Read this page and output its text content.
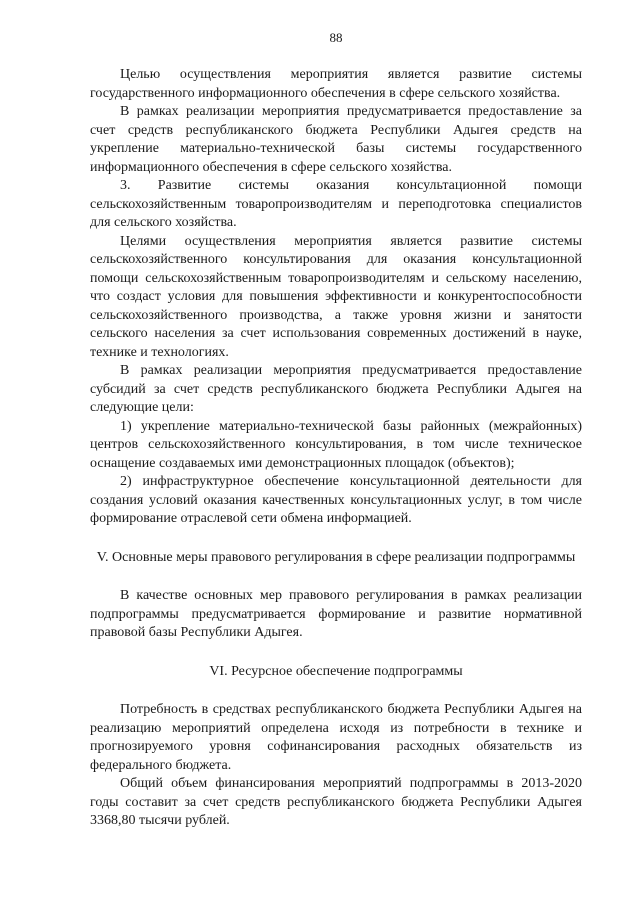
88

Целью осуществления мероприятия является развитие системы государственного информационного обеспечения в сфере сельского хозяйства.

В рамках реализации мероприятия предусматривается предоставление за счет средств республиканского бюджета Республики Адыгея средств на укрепление материально-технической базы системы государственного информационного обеспечения в сфере сельского хозяйства.

3. Развитие системы оказания консультационной помощи сельскохозяйственным товаропроизводителям и переподготовка специалистов для сельского хозяйства.

Целями осуществления мероприятия является развитие системы сельскохозяйственного консультирования для оказания консультационной помощи сельскохозяйственным товаропроизводителям и сельскому населению, что создаст условия для повышения эффективности и конкурентоспособности сельскохозяйственного производства, а также уровня жизни и занятости сельского населения за счет использования современных достижений в науке, технике и технологиях.

В рамках реализации мероприятия предусматривается предоставление субсидий за счет средств республиканского бюджета Республики Адыгея на следующие цели:

1) укрепление материально-технической базы районных (межрайонных) центров сельскохозяйственного консультирования, в том числе техническое оснащение создаваемых ими демонстрационных площадок (объектов);

2) инфраструктурное обеспечение консультационной деятельности для создания условий оказания качественных консультационных услуг, в том числе формирование отраслевой сети обмена информацией.

V. Основные меры правового регулирования в сфере реализации подпрограммы

В качестве основных мер правового регулирования в рамках реализации подпрограммы предусматривается формирование и развитие нормативной правовой базы Республики Адыгея.

VI. Ресурсное обеспечение подпрограммы

Потребность в средствах республиканского бюджета Республики Адыгея на реализацию мероприятий определена исходя из потребности в технике и прогнозируемого уровня софинансирования расходных обязательств из федерального бюджета.

Общий объем финансирования мероприятий подпрограммы в 2013-2020 годы составит за счет средств республиканского бюджета Республики Адыгея 3368,80 тысячи рублей.
